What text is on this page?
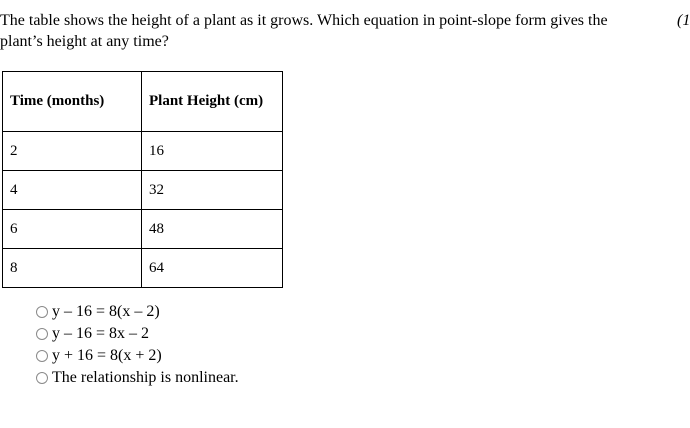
The table shows the height of a plant as it grows. Which equation in point-slope form gives the
plant’s height at any time?
(1
Time (months)	Plant Height (cm)
2	16
4	32
6	48
8	64
y – 16 = 8(x – 2)
y – 16 = 8x – 2
y + 16 = 8(x + 2)
The relationship is nonlinear.
